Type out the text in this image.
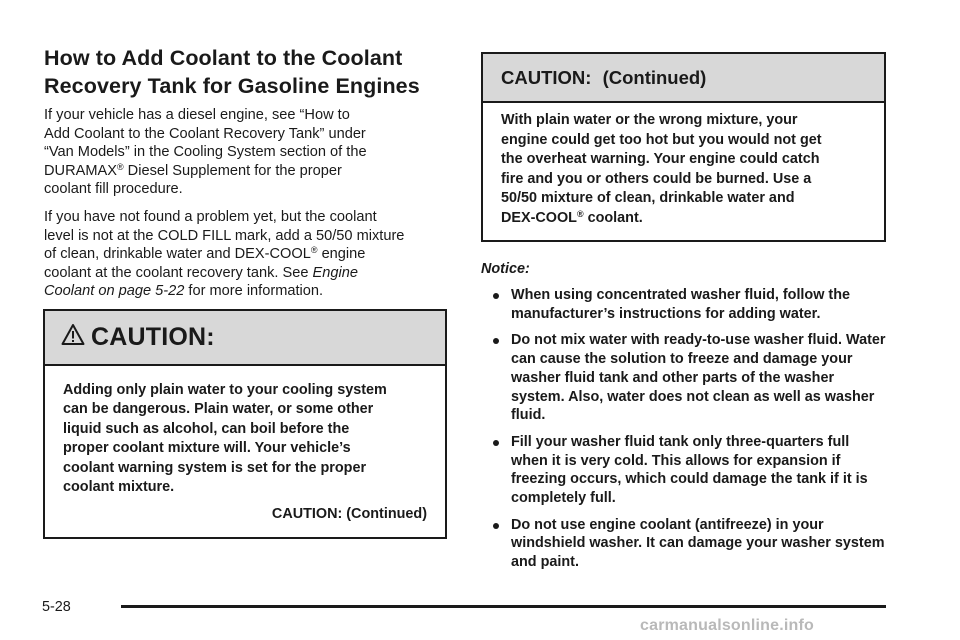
How to Add Coolant to the Coolant
Recovery Tank for Gasoline Engines

If your vehicle has a diesel engine, see “How to
Add Coolant to the Coolant Recovery Tank” under
“Van Models” in the Cooling System section of the
DURAMAX® Diesel Supplement for the proper
coolant fill procedure.

If you have not found a problem yet, but the coolant
level is not at the COLD FILL mark, add a 50/50 mixture
of clean, drinkable water and DEX-COOL® engine
coolant at the coolant recovery tank. See Engine
Coolant on page 5-22 for more information.

CAUTION:
Adding only plain water to your cooling system
can be dangerous. Plain water, or some other
liquid such as alcohol, can boil before the
proper coolant mixture will. Your vehicle’s
coolant warning system is set for the proper
coolant mixture.
CAUTION: (Continued)
CAUTION: (Continued)
With plain water or the wrong mixture, your
engine could get too hot but you would not get
the overheat warning. Your engine could catch
fire and you or others could be burned. Use a
50/50 mixture of clean, drinkable water and
DEX-COOL® coolant.
Notice:
When using concentrated washer fluid, follow the manufacturer’s instructions for adding water.
Do not mix water with ready-to-use washer fluid. Water can cause the solution to freeze and damage your washer fluid tank and other parts of the washer system. Also, water does not clean as well as washer fluid.
Fill your washer fluid tank only three-quarters full when it is very cold. This allows for expansion if freezing occurs, which could damage the tank if it is completely full.
Do not use engine coolant (antifreeze) in your windshield washer. It can damage your washer system and paint.
5-28
carmanualsonline.info
